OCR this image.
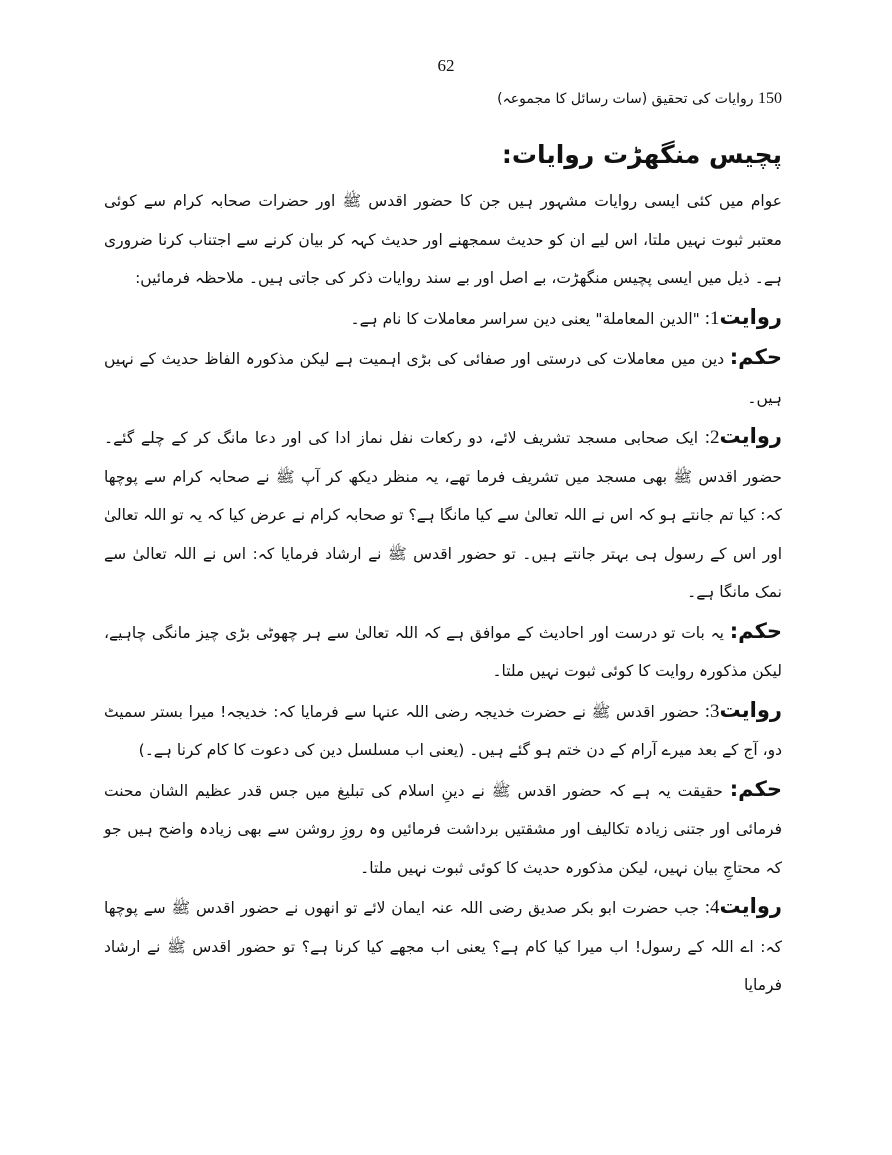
62
150 روایات کی تحقیق (سات رسائل کا مجموعہ)
پچیس منگھڑت روایات:

عوام میں کئی ایسی روایات مشہور ہیں جن کا حضور اقدس ﷺ اور حضرات صحابہ کرام سے کوئی معتبر ثبوت نہیں ملتا، اس لیے ان کو حدیث سمجھنے اور حدیث کہہ کر بیان کرنے سے اجتناب کرنا ضروری ہے۔ ذیل میں ایسی پچیس منگھڑت، بے اصل اور بے سند روایات ذکر کی جاتی ہیں۔ ملاحظہ فرمائیں:

روایت1: "الدين المعاملة" یعنی دین سراسر معاملات کا نام ہے۔

حکم: دین میں معاملات کی درستی اور صفائی کی بڑی اہمیت ہے لیکن مذکورہ الفاظ حدیث کے نہیں ہیں۔

روایت2: ایک صحابی مسجد تشریف لائے، دو رکعات نفل نماز ادا کی اور دعا مانگ کر کے چلے گئے۔ حضور اقدس ﷺ بھی مسجد میں تشریف فرما تھے، یہ منظر دیکھ کر آپ ﷺ نے صحابہ کرام سے پوچھا کہ: کیا تم جانتے ہو کہ اس نے اللہ تعالیٰ سے کیا مانگا ہے؟ تو صحابہ کرام نے عرض کیا کہ یہ تو اللہ تعالیٰ اور اس کے رسول ہی بہتر جانتے ہیں۔ تو حضور اقدس ﷺ نے ارشاد فرمایا کہ: اس نے اللہ تعالیٰ سے نمک مانگا ہے۔

حکم: یہ بات تو درست اور احادیث کے موافق ہے کہ اللہ تعالیٰ سے ہر چھوٹی بڑی چیز مانگی چاہیے، لیکن مذکورہ روایت کا کوئی ثبوت نہیں ملتا۔

روایت3: حضور اقدس ﷺ نے حضرت خدیجہ رضی اللہ عنہا سے فرمایا کہ: خدیجہ! میرا بستر سمیٹ دو، آج کے بعد میرے آرام کے دن ختم ہو گئے ہیں۔ (یعنی اب مسلسل دین کی دعوت کا کام کرنا ہے۔)

حکم: حقیقت یہ ہے کہ حضور اقدس ﷺ نے دینِ اسلام کی تبلیغ میں جس قدر عظیم الشان محنت فرمائی اور جتنی زیادہ تکالیف اور مشقتیں برداشت فرمائیں وہ روزِ روشن سے بھی زیادہ واضح ہیں جو کہ محتاجِ بیان نہیں، لیکن مذکورہ حدیث کا کوئی ثبوت نہیں ملتا۔

روایت4: جب حضرت ابو بکر صدیق رضی اللہ عنہ ایمان لائے تو انھوں نے حضور اقدس ﷺ سے پوچھا کہ: اے اللہ کے رسول! اب میرا کیا کام ہے؟ یعنی اب مجھے کیا کرنا ہے؟ تو حضور اقدس ﷺ نے ارشاد فرمایا
